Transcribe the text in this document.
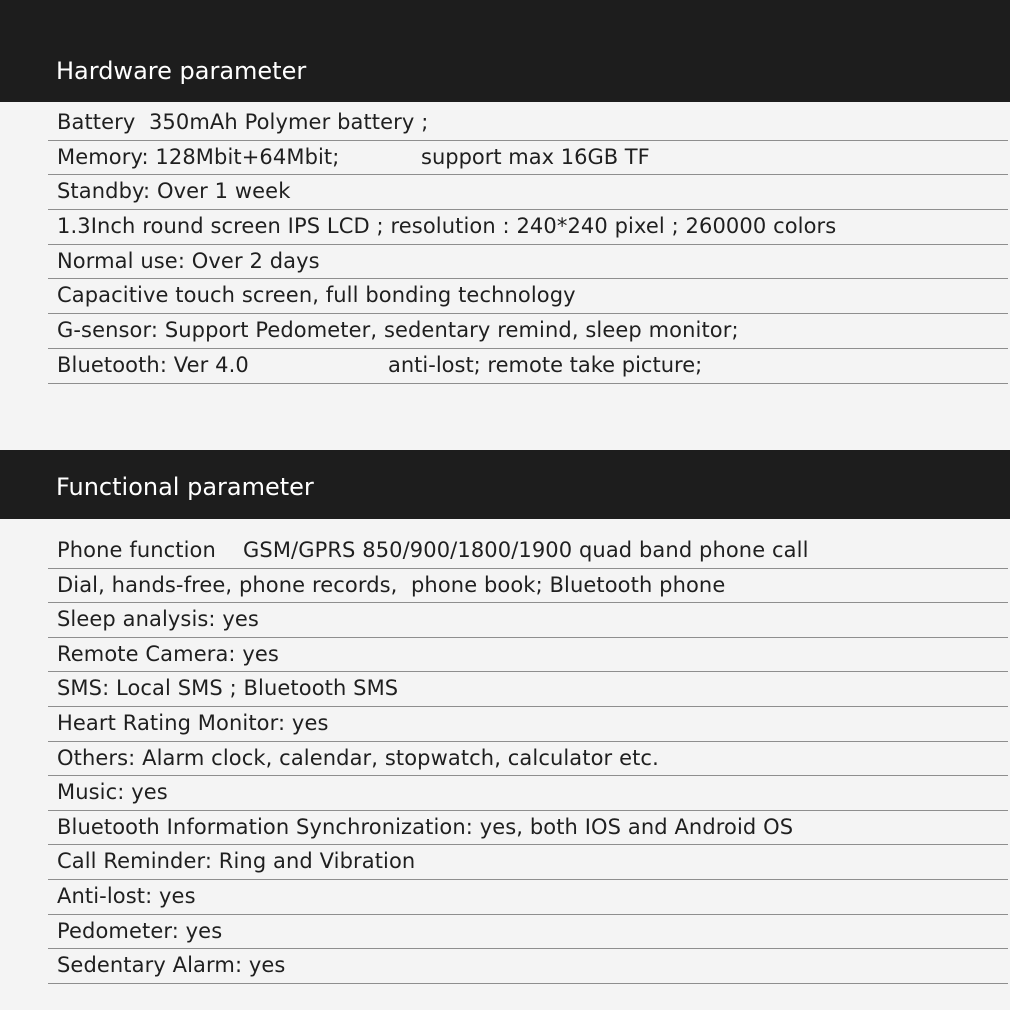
Hardware parameter
Battery  350mAh Polymer battery ;
Memory: 128Mbit+64Mbit;	support max 16GB TF
Standby: Over 1 week
1.3Inch round screen IPS LCD ; resolution : 240*240 pixel ; 260000 colors
Normal use: Over 2 days
Capacitive touch screen, full bonding technology
G-sensor: Support Pedometer, sedentary remind, sleep monitor;
Bluetooth: Ver 4.0	anti-lost; remote take picture;
Functional parameter
Phone function    GSM/GPRS 850/900/1800/1900 quad band phone call
Dial, hands-free, phone records,  phone book; Bluetooth phone
Sleep analysis: yes
Remote Camera: yes
SMS: Local SMS ; Bluetooth SMS
Heart Rating Monitor: yes
Others: Alarm clock, calendar, stopwatch, calculator etc.
Music: yes
Bluetooth Information Synchronization: yes, both IOS and Android OS
Call Reminder: Ring and Vibration
Anti-lost: yes
Pedometer: yes
Sedentary Alarm: yes
